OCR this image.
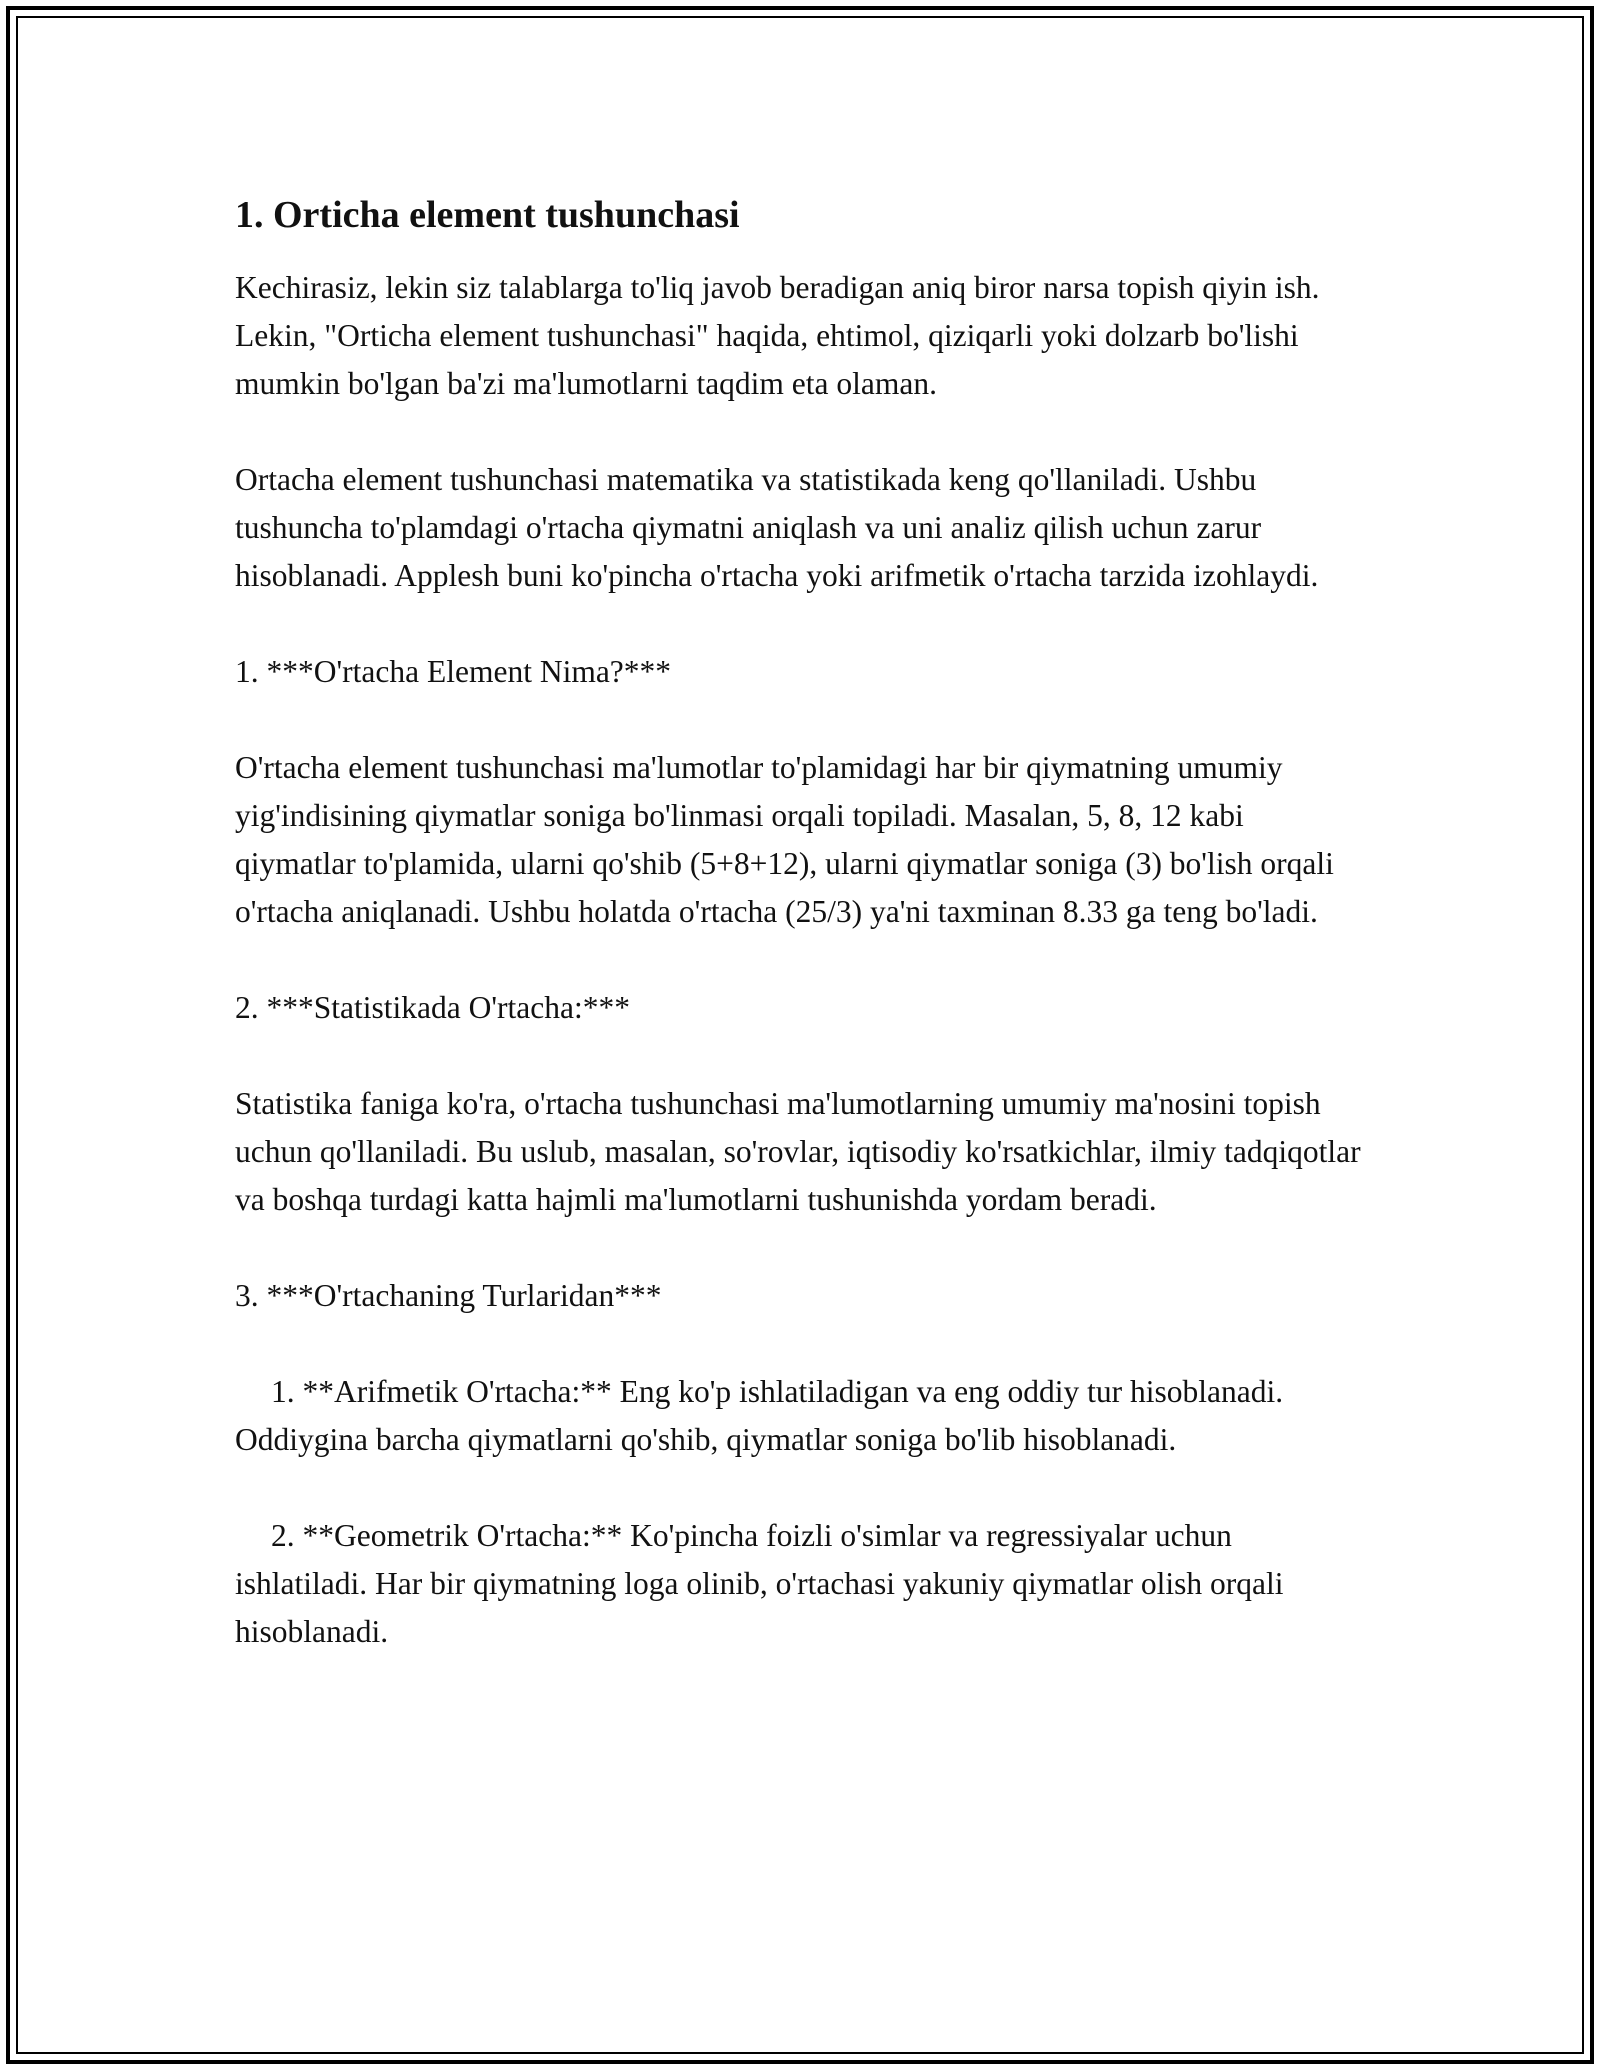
1. Orticha element tushunchasi

Kechirasiz, lekin siz talablarga to'liq javob beradigan aniq biror narsa topish qiyin ish. Lekin, "Orticha element tushunchasi" haqida, ehtimol, qiziqarli yoki dolzarb bo'lishi mumkin bo'lgan ba'zi ma'lumotlarni taqdim eta olaman.

Ortacha element tushunchasi matematika va statistikada keng qo'llaniladi. Ushbu tushuncha to'plamdagi o'rtacha qiymatni aniqlash va uni analiz qilish uchun zarur hisoblanadi. Applesh buni ko'pincha o'rtacha yoki arifmetik o'rtacha tarzida izohlaydi.

1. ***O'rtacha Element Nima?***

O'rtacha element tushunchasi ma'lumotlar to'plamidagi har bir qiymatning umumiy yig'indisining qiymatlar soniga bo'linmasi orqali topiladi. Masalan, 5, 8, 12 kabi qiymatlar to'plamida, ularni qo'shib (5+8+12), ularni qiymatlar soniga (3) bo'lish orqali o'rtacha aniqlanadi. Ushbu holatda o'rtacha (25/3) ya'ni taxminan 8.33 ga teng bo'ladi.

2. ***Statistikada O'rtacha:***

Statistika faniga ko'ra, o'rtacha tushunchasi ma'lumotlarning umumiy ma'nosini topish uchun qo'llaniladi. Bu uslub, masalan, so'rovlar, iqtisodiy ko'rsatkichlar, ilmiy tadqiqotlar va boshqa turdagi katta hajmli ma'lumotlarni tushunishda yordam beradi.

3. ***O'rtachaning Turlaridan***

1. **Arifmetik O'rtacha:** Eng ko'p ishlatiladigan va eng oddiy tur hisoblanadi. Oddiygina barcha qiymatlarni qo'shib, qiymatlar soniga bo'lib hisoblanadi.

2. **Geometrik O'rtacha:** Ko'pincha foizli o'simlar va regressiyalar uchun ishlatiladi. Har bir qiymatning loga olinib, o'rtachasi yakuniy qiymatlar olish orqali hisoblanadi.
